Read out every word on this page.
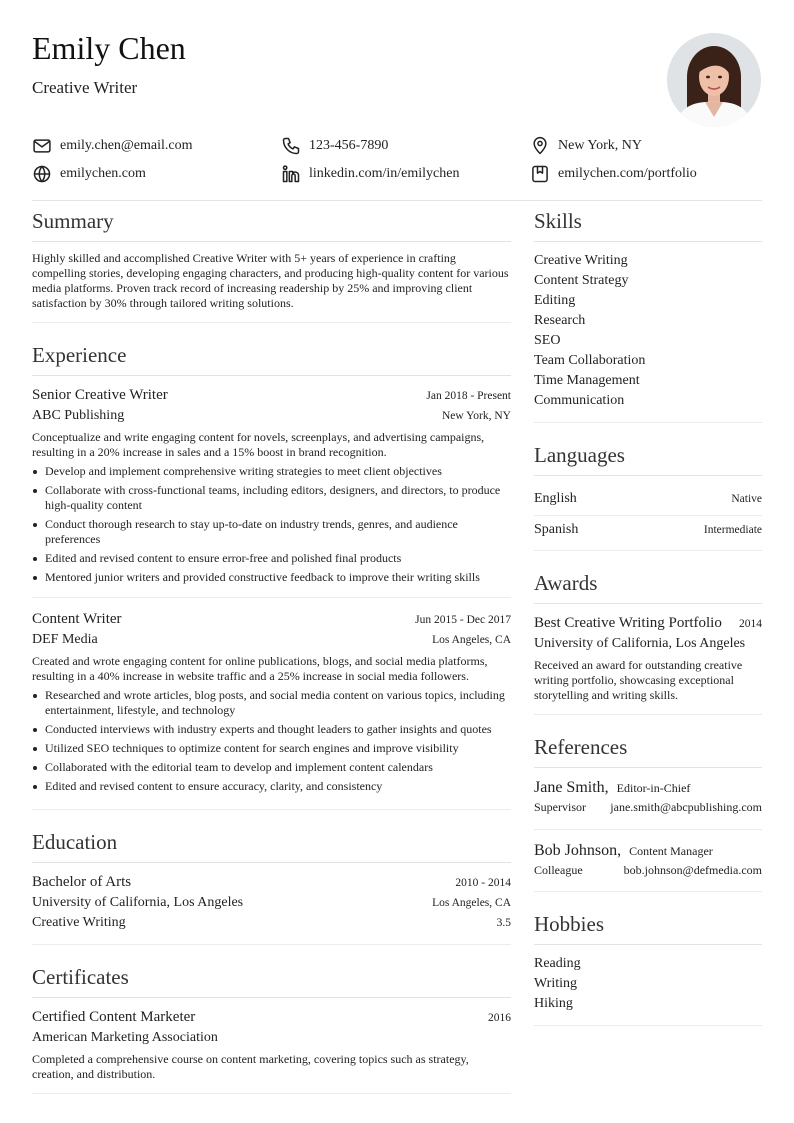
Emily Chen
Creative Writer
emily.chen@email.com	123-456-7890	New York, NY
emilychen.com	linkedin.com/in/emilychen	emilychen.com/portfolio
Summary
Highly skilled and accomplished Creative Writer with 5+ years of experience in crafting compelling stories, developing engaging characters, and producing high-quality content for various media platforms. Proven track record of increasing readership by 25% and improving client satisfaction by 30% through tailored writing solutions.
Experience
Senior Creative Writer	Jan 2018 - Present
ABC Publishing	New York, NY
Conceptualize and write engaging content for novels, screenplays, and advertising campaigns, resulting in a 20% increase in sales and a 15% boost in brand recognition.
Develop and implement comprehensive writing strategies to meet client objectives
Collaborate with cross-functional teams, including editors, designers, and directors, to produce high-quality content
Conduct thorough research to stay up-to-date on industry trends, genres, and audience preferences
Edited and revised content to ensure error-free and polished final products
Mentored junior writers and provided constructive feedback to improve their writing skills
Content Writer	Jun 2015 - Dec 2017
DEF Media	Los Angeles, CA
Created and wrote engaging content for online publications, blogs, and social media platforms, resulting in a 40% increase in website traffic and a 25% increase in social media followers.
Researched and wrote articles, blog posts, and social media content on various topics, including entertainment, lifestyle, and technology
Conducted interviews with industry experts and thought leaders to gather insights and quotes
Utilized SEO techniques to optimize content for search engines and improve visibility
Collaborated with the editorial team to develop and implement content calendars
Edited and revised content to ensure accuracy, clarity, and consistency
Education
Bachelor of Arts	2010 - 2014
University of California, Los Angeles	Los Angeles, CA
Creative Writing	3.5
Certificates
Certified Content Marketer	2016
American Marketing Association
Completed a comprehensive course on content marketing, covering topics such as strategy, creation, and distribution.
Skills
Creative Writing
Content Strategy
Editing
Research
SEO
Team Collaboration
Time Management
Communication
Languages
English	Native
Spanish	Intermediate
Awards
Best Creative Writing Portfolio 2014
University of California, Los Angeles
Received an award for outstanding creative writing portfolio, showcasing exceptional storytelling and writing skills.
References
Jane Smith, Editor-in-Chief
Supervisor jane.smith@abcpublishing.com
Bob Johnson, Content Manager
Colleague	bob.johnson@defmedia.com
Hobbies
Reading
Writing
Hiking
